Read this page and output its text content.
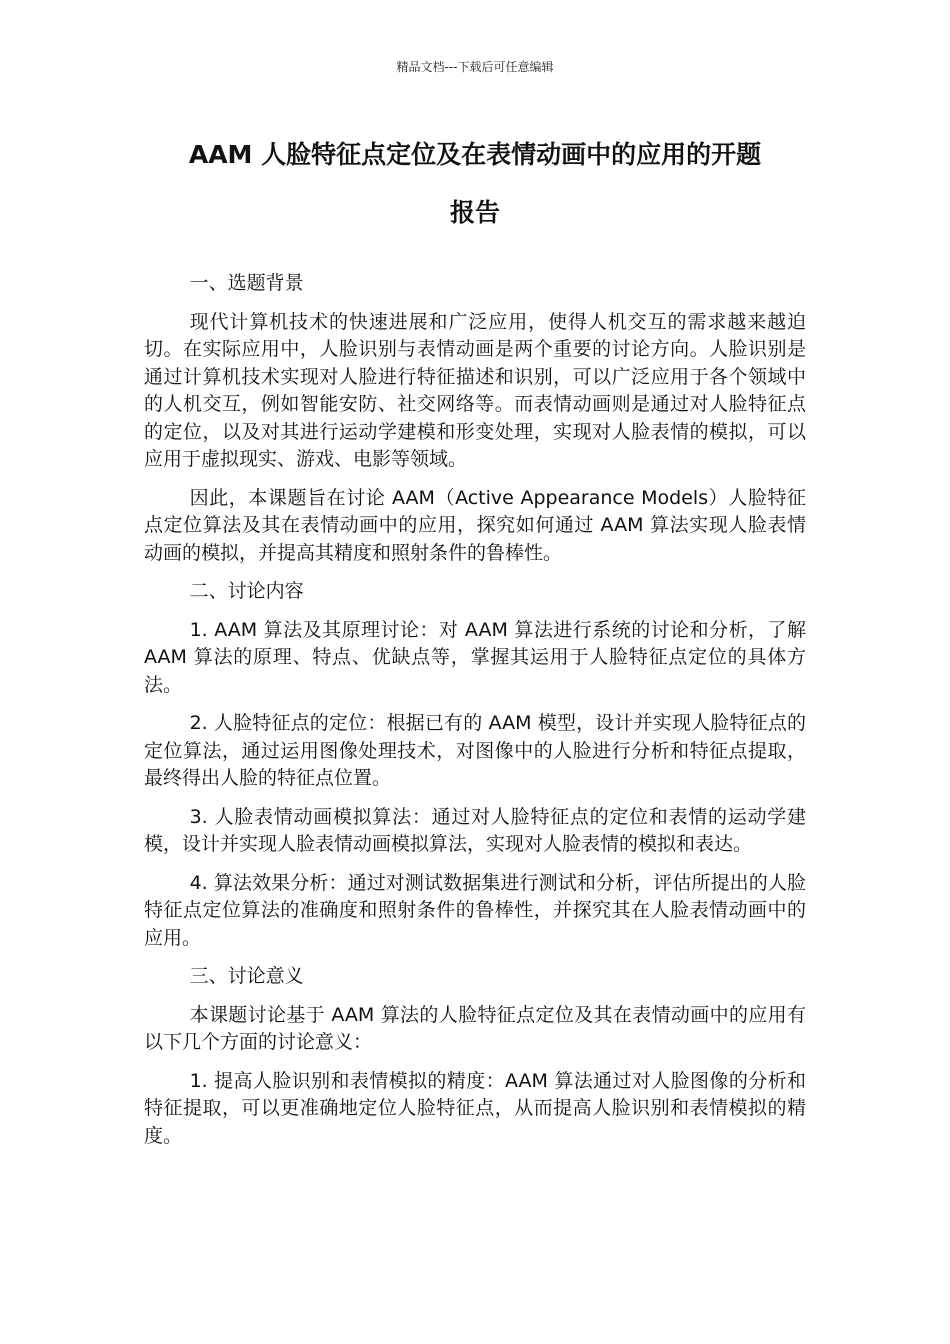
精品文档---下载后可任意编辑
AAM 人脸特征点定位及在表情动画中的应用的开题
报告

一、选题背景

现代计算机技术的快速进展和广泛应用，使得人机交互的需求越来越迫切。在实际应用中，人脸识别与表情动画是两个重要的讨论方向。人脸识别是通过计算机技术实现对人脸进行特征描述和识别，可以广泛应用于各个领域中的人机交互，例如智能安防、社交网络等。而表情动画则是通过对人脸特征点的定位，以及对其进行运动学建模和形变处理，实现对人脸表情的模拟，可以应用于虚拟现实、游戏、电影等领域。

因此，本课题旨在讨论 AAM（Active Appearance Models）人脸特征点定位算法及其在表情动画中的应用，探究如何通过 AAM 算法实现人脸表情动画的模拟，并提高其精度和照射条件的鲁棒性。

二、讨论内容

1. AAM 算法及其原理讨论：对 AAM 算法进行系统的讨论和分析，了解 AAM 算法的原理、特点、优缺点等，掌握其运用于人脸特征点定位的具体方法。

2. 人脸特征点的定位：根据已有的 AAM 模型，设计并实现人脸特征点的定位算法，通过运用图像处理技术，对图像中的人脸进行分析和特征点提取，最终得出人脸的特征点位置。

3. 人脸表情动画模拟算法：通过对人脸特征点的定位和表情的运动学建模，设计并实现人脸表情动画模拟算法，实现对人脸表情的模拟和表达。

4. 算法效果分析：通过对测试数据集进行测试和分析，评估所提出的人脸特征点定位算法的准确度和照射条件的鲁棒性，并探究其在人脸表情动画中的应用。

三、讨论意义

本课题讨论基于 AAM 算法的人脸特征点定位及其在表情动画中的应用有以下几个方面的讨论意义：

1. 提高人脸识别和表情模拟的精度：AAM 算法通过对人脸图像的分析和特征提取，可以更准确地定位人脸特征点，从而提高人脸识别和表情模拟的精度。
